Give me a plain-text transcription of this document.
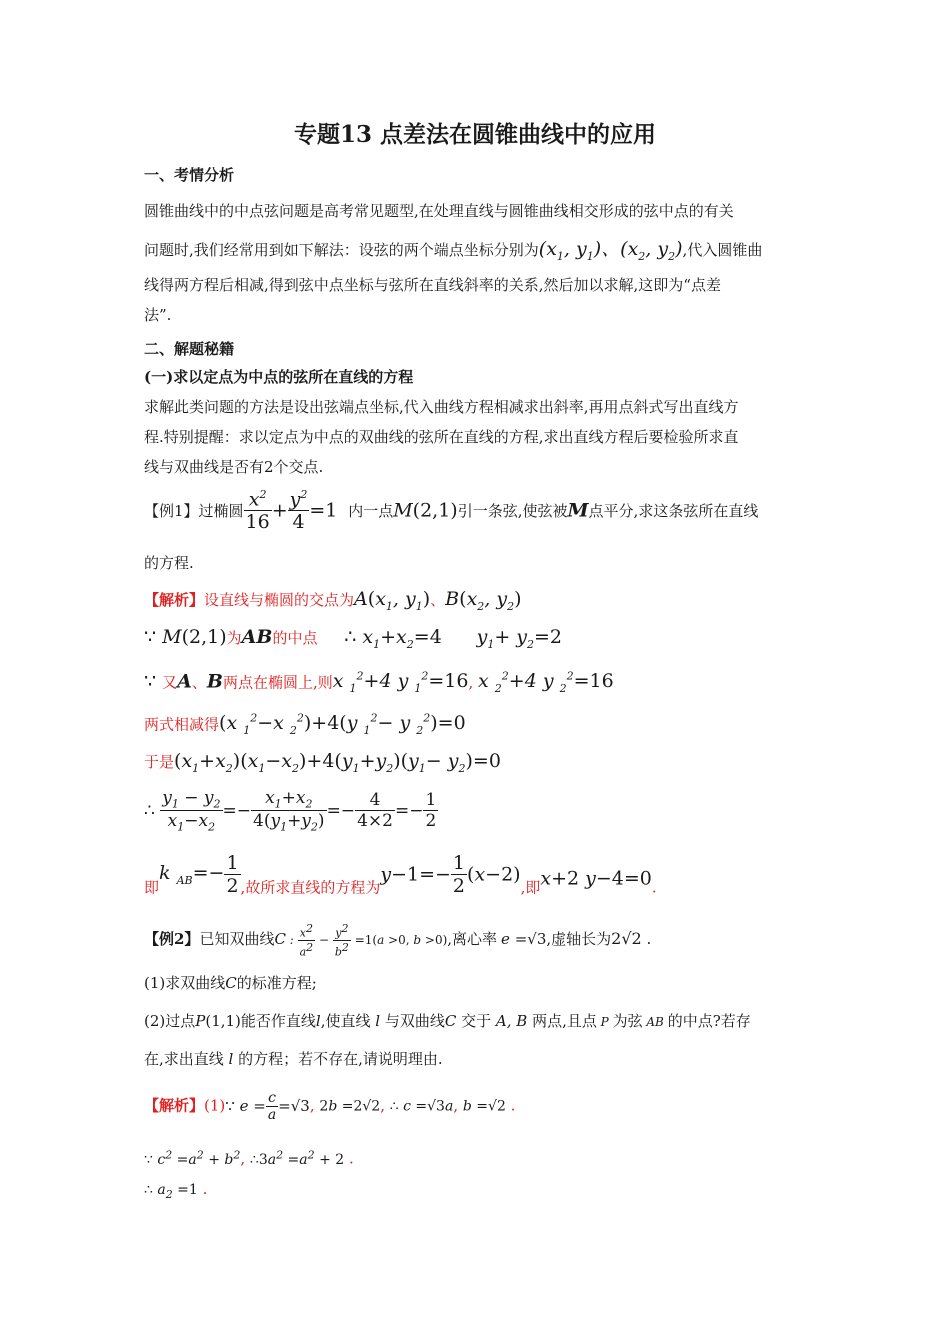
专题13 点差法在圆锥曲线中的应用
一、考情分析
圆锥曲线中的中点弦问题是高考常见题型,在处理直线与圆锥曲线相交形成的弦中点的有关
问题时,我们经常用到如下解法：设弦的两个端点坐标分别为($x_1$, $y_1$)、($x_2$, $y_2$),代入圆锥曲
线得两方程后相减,得到弦中点坐标与弦所在直线斜率的关系,然后加以求解,这即为“点差
法”.
二、解题秘籍
(一)求以定点为中点的弦所在直线的方程
求解此类问题的方法是设出弦端点坐标,代入曲线方程相减求出斜率,再用点斜式写出直线方
程.特别提醒：求以定点为中点的双曲线的弦所在直线的方程,求出直线方程后要检验所求直
线与双曲线是否有2个交点.
【例1】过椭圆 $\frac{x^2}{16} + \frac{y^2}{4} =1$ 内一点M(2,1)引一条弦,使弦被M点平分,求这条弦所在直线
的方程.
【解析】设直线与椭圆的交点为$A(x_1$, $y_1$)、$B(x_2$, $y_2$)
∵ M(2,1)为AB的中点 ∴ $x_1+x_2=4$ $y_1+ y_2=2$
∵ 又A、B两点在椭圆上,则x $_1^2$+4 y $_1^2$=16, x $_2^2$+4 y $_2^2$=16
两式相减得(x $_1^2$−x $_2^2$)+4(y $_1^2$− y $_2^2$)=0
于是$(x_1+x_2)(x_1-x_2)+4(y_1+y_2)(y_1- y_2)=0$
∴ $\frac{y_1 - y_2}{x_1-x_2} =- \frac{x_1+x_2}{4(y_1+y_2)} =- \frac{4}{4\times 2} =- \frac{1}{2}$
即k $_{AB}=- \frac{1}{2}$ ,故所求直线的方程为$y-1=- \frac{1}{2} (x-2)$,即x+2 y−4=0.
【例2】已知双曲线C : $\frac{x^2}{a^2} - \frac{y^2}{b^2} =1(a >0$, b >0),离心率 e =√3,虚轴长为2√2 .
(1)求双曲线C的标准方程;
(2)过点P(1,1)能否作直线l,使直线 l 与双曲线C 交于 A, B 两点,且点 P 为弦 AB 的中点?若存
在,求出直线 l 的方程；若不存在,请说明理由.
【解析】(1)∵ $e = \frac{c}{a} =√3$, 2b =2√2, ∴ c =√3a, b =√2 .
∵ $c^2 =a^2 + b^2$, $\therefore 3a^2 =a^2 + 2$ .
∴ $a_2 =1$ .
